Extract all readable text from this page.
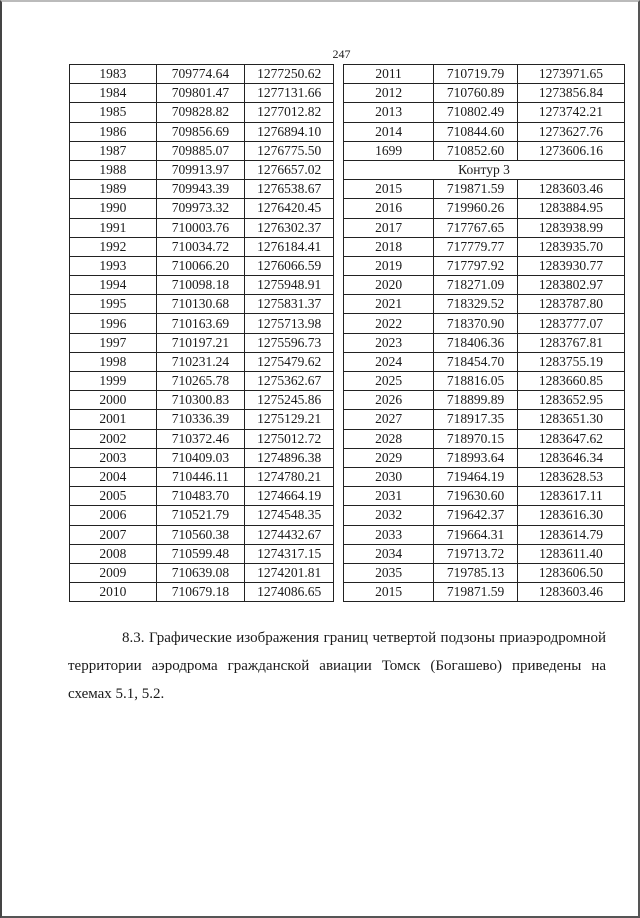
247
1983	709774.64	1277250.62
1984	709801.47	1277131.66
1985	709828.82	1277012.82
1986	709856.69	1276894.10
1987	709885.07	1276775.50
1988	709913.97	1276657.02
1989	709943.39	1276538.67
1990	709973.32	1276420.45
1991	710003.76	1276302.37
1992	710034.72	1276184.41
1993	710066.20	1276066.59
1994	710098.18	1275948.91
1995	710130.68	1275831.37
1996	710163.69	1275713.98
1997	710197.21	1275596.73
1998	710231.24	1275479.62
1999	710265.78	1275362.67
2000	710300.83	1275245.86
2001	710336.39	1275129.21
2002	710372.46	1275012.72
2003	710409.03	1274896.38
2004	710446.11	1274780.21
2005	710483.70	1274664.19
2006	710521.79	1274548.35
2007	710560.38	1274432.67
2008	710599.48	1274317.15
2009	710639.08	1274201.81
2010	710679.18	1274086.65
2011	710719.79	1273971.65
2012	710760.89	1273856.84
2013	710802.49	1273742.21
2014	710844.60	1273627.76
1699	710852.60	1273606.16
Контур 3		
2015	719871.59	1283603.46
2016	719960.26	1283884.95
2017	717767.65	1283938.99
2018	717779.77	1283935.70
2019	717797.92	1283930.77
2020	718271.09	1283802.97
2021	718329.52	1283787.80
2022	718370.90	1283777.07
2023	718406.36	1283767.81
2024	718454.70	1283755.19
2025	718816.05	1283660.85
2026	718899.89	1283652.95
2027	718917.35	1283651.30
2028	718970.15	1283647.62
2029	718993.64	1283646.34
2030	719464.19	1283628.53
2031	719630.60	1283617.11
2032	719642.37	1283616.30
2033	719664.31	1283614.79
2034	719713.72	1283611.40
2035	719785.13	1283606.50
2015	719871.59	1283603.46
8.3. Графические изображения границ четвертой подзоны приаэродромной территории аэродрома гражданской авиации Томск (Богашево) приведены на схемах 5.1, 5.2.
